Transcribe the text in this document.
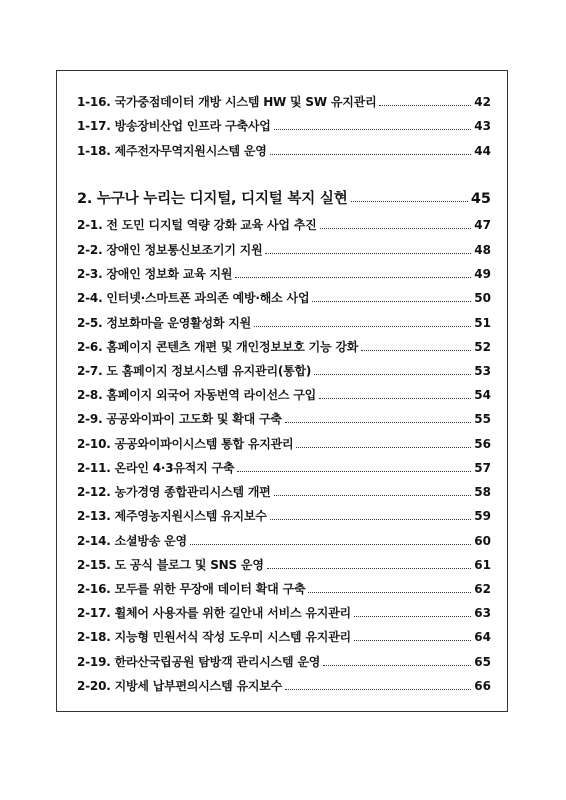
1-16. 국가중점데이터 개방 시스템 HW 및 SW 유지관리	42
1-17. 방송장비산업 인프라 구축사업	43
1-18. 제주전자무역지원시스템 운영	44
2. 누구나 누리는 디지털, 디지털 복지 실현	45
2-1. 전 도민 디지털 역량 강화 교육 사업 추진	47
2-2. 장애인 정보통신보조기기 지원	48
2-3. 장애인 정보화 교육 지원	49
2-4. 인터넷·스마트폰 과의존 예방·해소 사업	50
2-5. 정보화마을 운영활성화 지원	51
2-6. 홈페이지 콘텐츠 개편 및 개인정보보호 기능 강화	52
2-7. 도 홈페이지 정보시스템 유지관리(통합)	53
2-8. 홈페이지 외국어 자동번역 라이선스 구입	54
2-9. 공공와이파이 고도화 및 확대 구축	55
2-10. 공공와이파이시스템 통합 유지관리	56
2-11. 온라인 4·3유적지 구축	57
2-12. 농가경영 종합관리시스템 개편	58
2-13. 제주영농지원시스템 유지보수	59
2-14. 소셜방송 운영	60
2-15. 도 공식 블로그 및 SNS 운영	61
2-16. 모두를 위한 무장애 데이터 확대 구축	62
2-17. 휠체어 사용자를 위한 길안내 서비스 유지관리	63
2-18. 지능형 민원서식 작성 도우미 시스템 유지관리	64
2-19. 한라산국립공원 탐방객 관리시스템 운영	65
2-20. 지방세 납부편의시스템 유지보수	66
